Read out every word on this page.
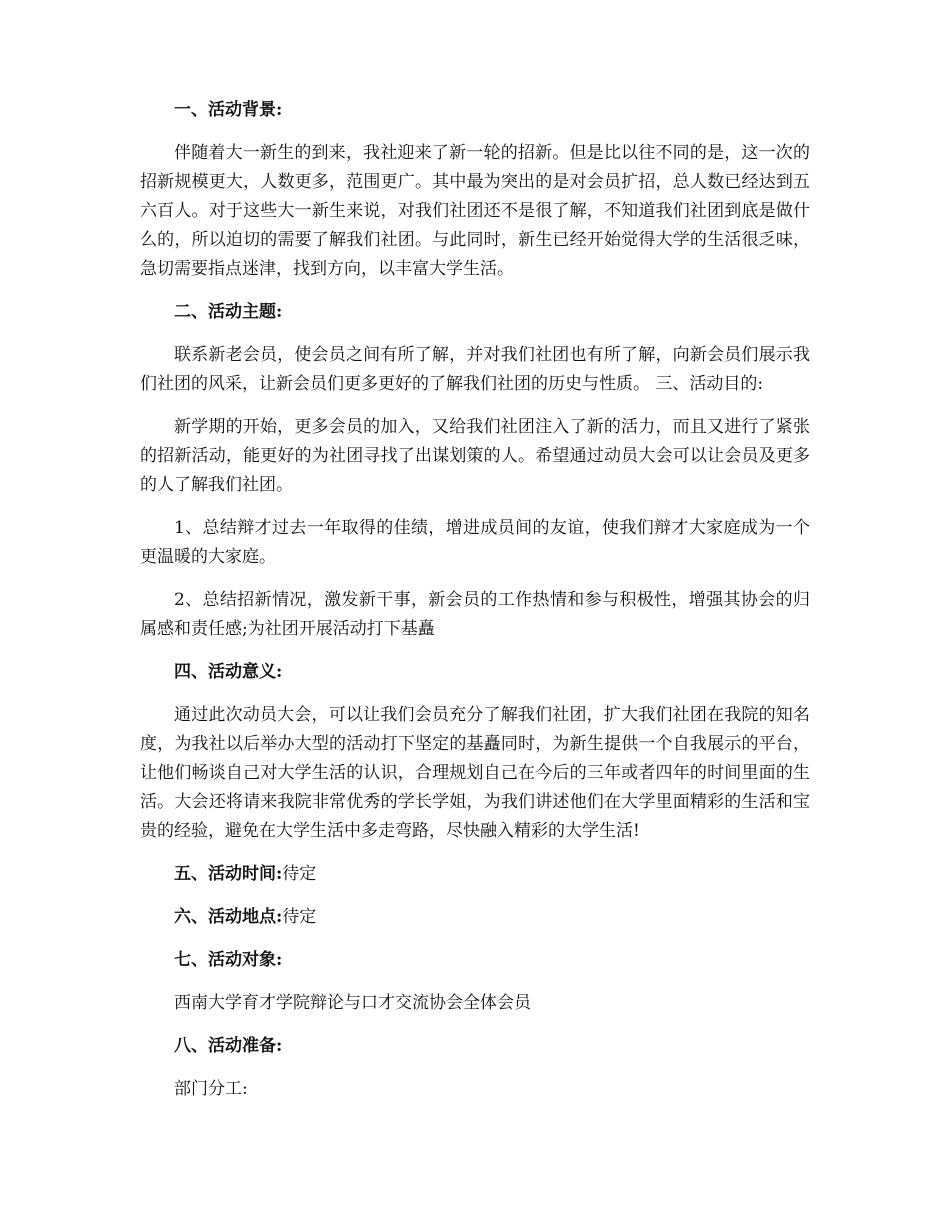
一、活动背景:

伴随着大一新生的到来，我社迎来了新一轮的招新。但是比以往不同的是，这一次的招新规模更大，人数更多，范围更广。其中最为突出的是对会员扩招，总人数已经达到五六百人。对于这些大一新生来说，对我们社团还不是很了解，不知道我们社团到底是做什么的，所以迫切的需要了解我们社团。与此同时，新生已经开始觉得大学的生活很乏味，急切需要指点迷津，找到方向，以丰富大学生活。

二、活动主题:

联系新老会员，使会员之间有所了解，并对我们社团也有所了解，向新会员们展示我们社团的风采，让新会员们更多更好的了解我们社团的历史与性质。 三、活动目的:

新学期的开始，更多会员的加入，又给我们社团注入了新的活力，而且又进行了紧张的招新活动，能更好的为社团寻找了出谋划策的人。希望通过动员大会可以让会员及更多的人了解我们社团。

1、总结辩才过去一年取得的佳绩，增进成员间的友谊，使我们辩才大家庭成为一个更温暖的大家庭。

2、总结招新情况，激发新干事，新会员的工作热情和参与积极性，增强其协会的归属感和责任感;为社团开展活动打下基矗

四、活动意义:

通过此次动员大会，可以让我们会员充分了解我们社团，扩大我们社团在我院的知名度，为我社以后举办大型的活动打下坚定的基矗同时，为新生提供一个自我展示的平台，让他们畅谈自己对大学生活的认识，合理规划自己在今后的三年或者四年的时间里面的生活。大会还将请来我院非常优秀的学长学姐，为我们讲述他们在大学里面精彩的生活和宝贵的经验，避免在大学生活中多走弯路，尽快融入精彩的大学生活!

五、活动时间:待定

六、活动地点:待定

七、活动对象:

西南大学育才学院辩论与口才交流协会全体会员

八、活动准备:

部门分工:
